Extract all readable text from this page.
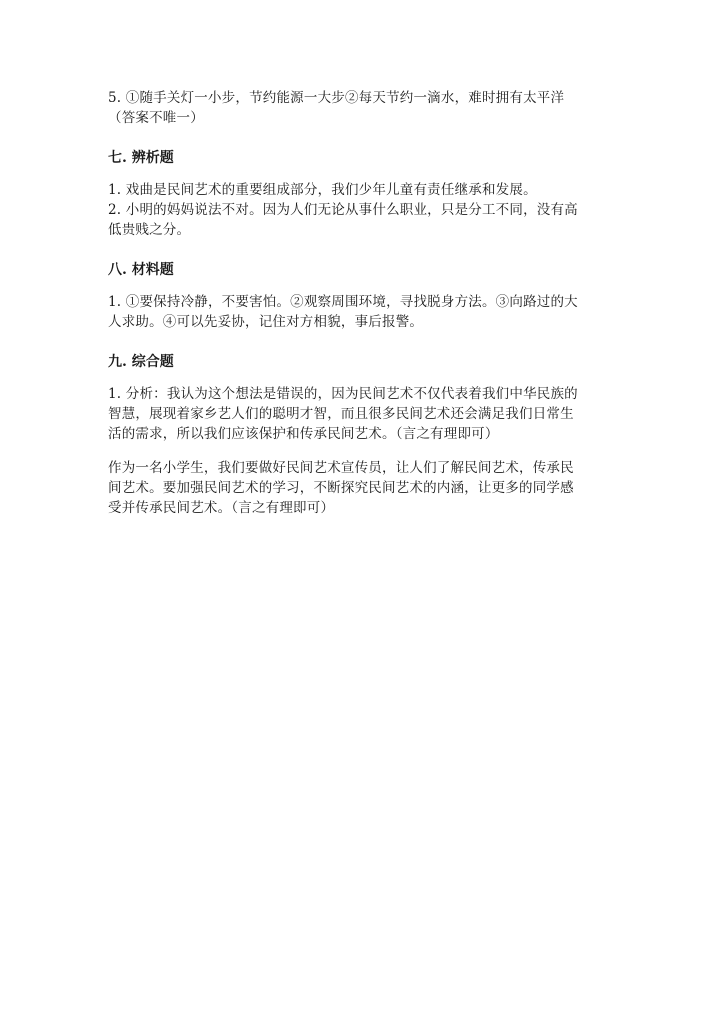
5. ①随手关灯一小步，节约能源一大步②每天节约一滴水，难时拥有太平洋
（答案不唯一）
七. 辨析题
1. 戏曲是民间艺术的重要组成部分，我们少年儿童有责任继承和发展。
2. 小明的妈妈说法不对。因为人们无论从事什么职业，只是分工不同，没有高
低贵贱之分。
八. 材料题
1. ①要保持冷静，不要害怕。②观察周围环境，寻找脱身方法。③向路过的大
人求助。④可以先妥协，记住对方相貌，事后报警。
九. 综合题
1. 分析：我认为这个想法是错误的，因为民间艺术不仅代表着我们中华民族的
智慧，展现着家乡艺人们的聪明才智，而且很多民间艺术还会满足我们日常生
活的需求，所以我们应该保护和传承民间艺术。（言之有理即可）
作为一名小学生，我们要做好民间艺术宣传员，让人们了解民间艺术，传承民
间艺术。要加强民间艺术的学习，不断探究民间艺术的内涵，让更多的同学感
受并传承民间艺术。（言之有理即可）
